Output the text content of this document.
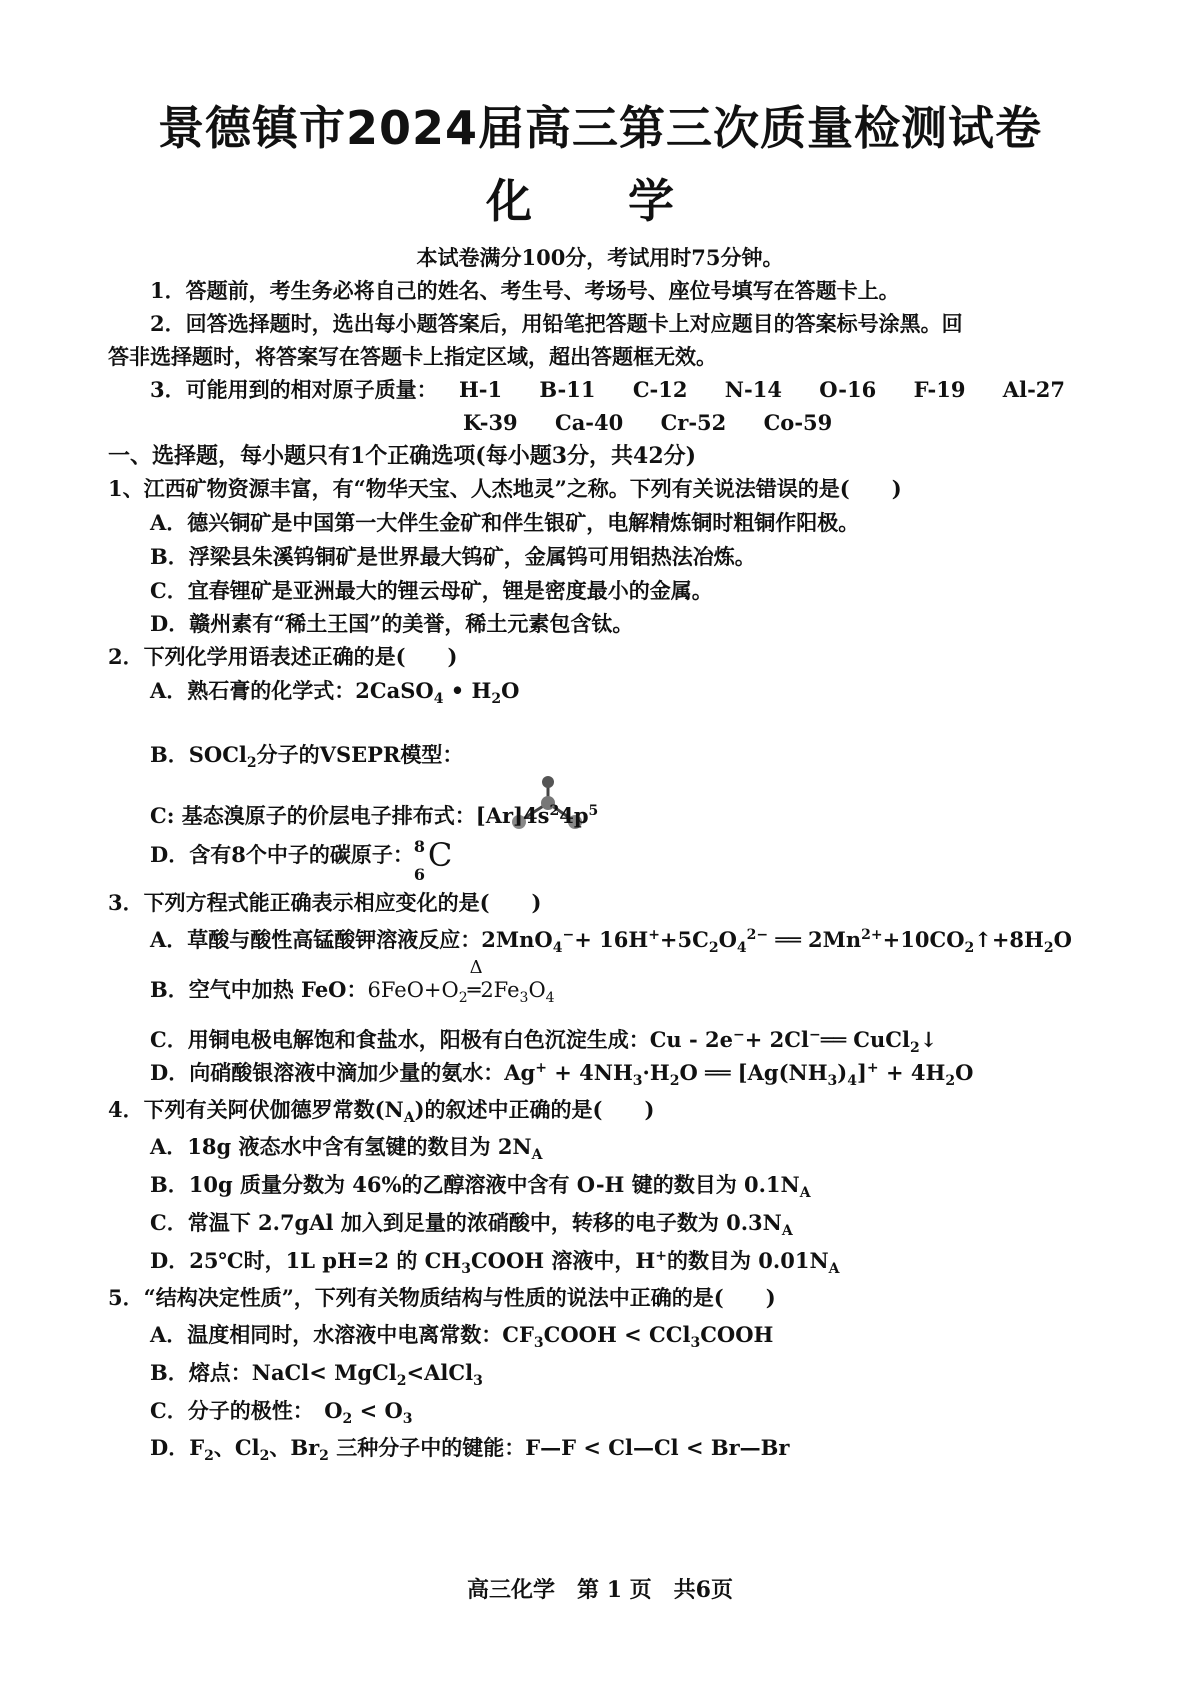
景德镇市2024届高三第三次质量检测试卷
化 学
本试卷满分100分，考试用时75分钟。
1．答题前，考生务必将自己的姓名、考生号、考场号、座位号填写在答题卡上。
2．回答选择题时，选出每小题答案后，用铅笔把答题卡上对应题目的答案标号涂黑。回
答非选择题时，将答案写在答题卡上指定区域，超出答题框无效。
3．可能用到的相对原子质量： H-1 B-11 C-12 N-14 O-16 F-19 Al-27
K-39 Ca-40 Cr-52 Co-59
一、选择题，每小题只有1个正确选项(每小题3分，共42分)
1、江西矿物资源丰富，有“物华天宝、人杰地灵”之称。下列有关说法错误的是(　　)
A．德兴铜矿是中国第一大伴生金矿和伴生银矿，电解精炼铜时粗铜作阳极。
B．浮梁县朱溪钨铜矿是世界最大钨矿，金属钨可用铝热法冶炼。
C．宜春锂矿是亚洲最大的锂云母矿，锂是密度最小的金属。
D．赣州素有“稀土王国”的美誉，稀土元素包含钛。
2．下列化学用语表述正确的是(　　)
A．熟石膏的化学式：2CaSO$_4$ • $H_2O$
B．SOCl$_2$分子的VSEPR模型：
C: 基态溴原子的价层电子排布式：$[Ar]4s^24p^5$
D．含有8个中子的碳原子： 8
6
C
3．下列方程式能正确表示相应变化的是(　　)
A．草酸与酸性高锰酸钾溶液反应：$2MnO_4^-+ 16H^++5C_2O_4^{2-}$ ══ $2Mn^{2+}+10CO_2↑+8H_2O$
B．空气中加热 FeO：$6FeO+O_2$
Δ
$═2Fe_3O_4$
C．用铜电极电解饱和食盐水，阳极有白色沉淀生成：Cu - 2e−+ 2Cl−══ CuCl$_2$↓
D．向硝酸银溶液中滴加少量的氨水：$Ag^+ + 4NH_3\cdot H_2O$ ══ $[Ag(NH_3)_4]^+ + 4H_2O$
4．下列有关阿伏伽德罗常数$(N_A)$的叙述中正确的是(　　)
A．18g 液态水中含有氢键的数目为 $2N_A$
B．10g 质量分数为 46%的乙醇溶液中含有 O-H 键的数目为 $0.1N_A$
C．常温下 2.7gAl 加入到足量的浓硝酸中，转移的电子数为 $0.3N_A$
D．25℃时，1L pH=2 的 $CH_3COOH$ 溶液中，H+的数目为 $0.01N_A$
5．“结构决定性质”，下列有关物质结构与性质的说法中正确的是(　　)
A．温度相同时，水溶液中电离常数：$CF_3COOH$ < CCl$_3$COOH
B．熔点：NaCl< MgCl$_2$<AlCl$_3$
C．分子的极性：　$O_2 < O_3$
D．$F_2$、$Cl_2$、$Br_2$ 三种分子中的键能：F—F < Cl—Cl < Br—Br
高三化学　第 1 页　共6页
